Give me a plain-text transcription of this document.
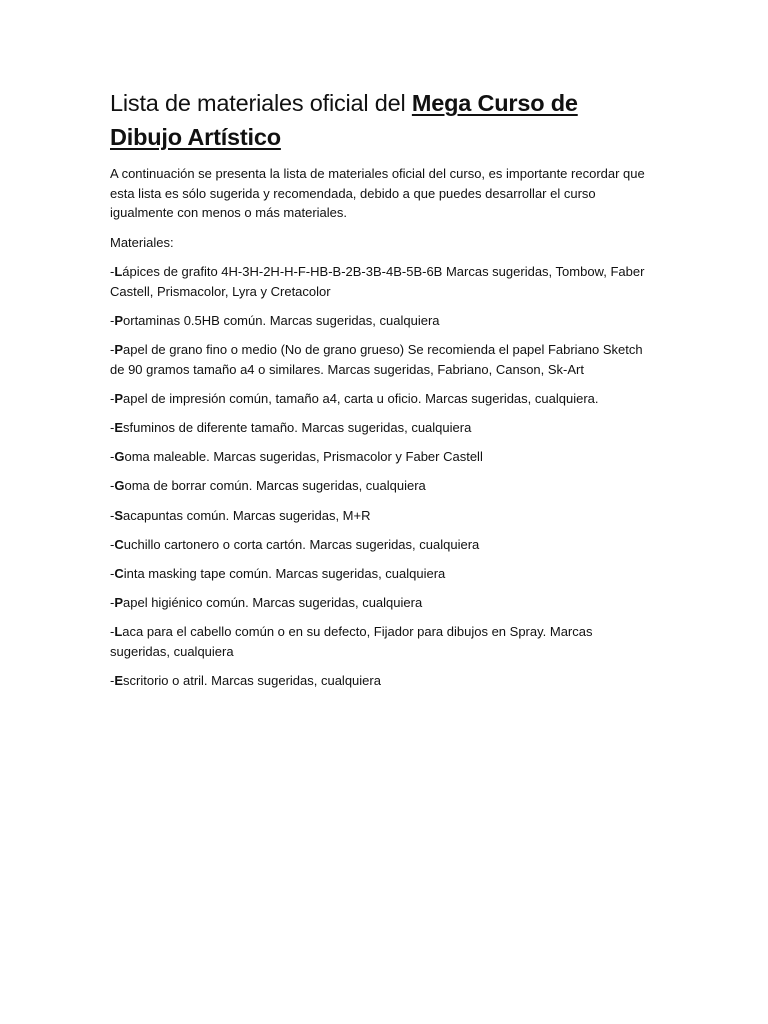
Lista de materiales oficial del Mega Curso de Dibujo Artístico

A continuación se presenta la lista de materiales oficial del curso, es importante recordar que esta lista es sólo sugerida y recomendada, debido a que puedes desarrollar el curso igualmente con menos o más materiales.

Materiales:

-Lápices de grafito 4H-3H-2H-H-F-HB-B-2B-3B-4B-5B-6B Marcas sugeridas, Tombow, Faber Castell, Prismacolor, Lyra y Cretacolor

-Portaminas 0.5HB común. Marcas sugeridas, cualquiera

-Papel de grano fino o medio (No de grano grueso) Se recomienda el papel Fabriano Sketch de 90 gramos tamaño a4 o similares. Marcas sugeridas, Fabriano, Canson, Sk-Art

-Papel de impresión común, tamaño a4, carta u oficio. Marcas sugeridas, cualquiera.

-Esfuminos de diferente tamaño. Marcas sugeridas, cualquiera

-Goma maleable. Marcas sugeridas, Prismacolor y Faber Castell

-Goma de borrar común. Marcas sugeridas, cualquiera

-Sacapuntas común. Marcas sugeridas, M+R

-Cuchillo cartonero o corta cartón. Marcas sugeridas, cualquiera

-Cinta masking tape común. Marcas sugeridas, cualquiera

-Papel higiénico común. Marcas sugeridas, cualquiera

-Laca para el cabello común o en su defecto, Fijador para dibujos en Spray. Marcas sugeridas, cualquiera

-Escritorio o atril. Marcas sugeridas, cualquiera
